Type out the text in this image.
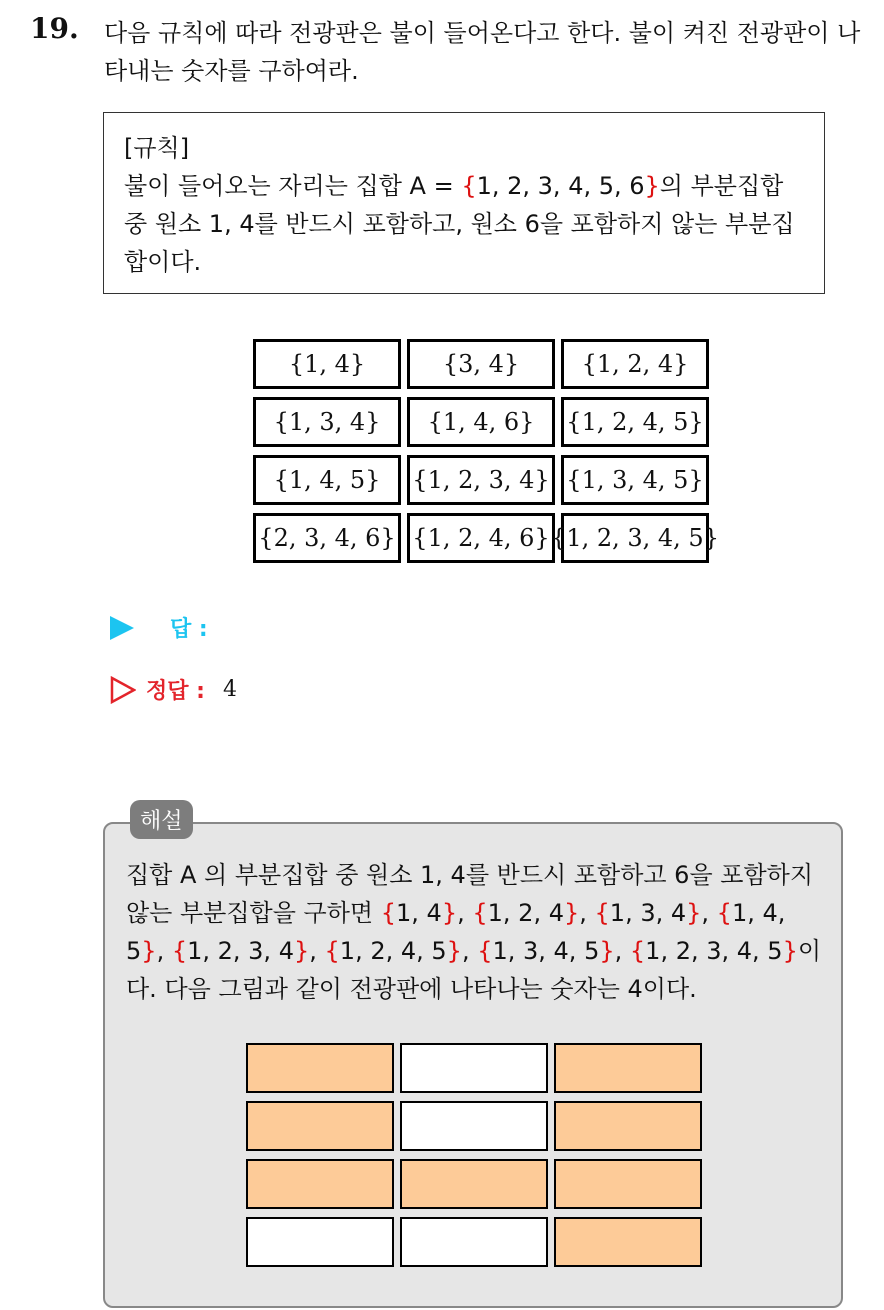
19. 다음 규칙에 따라 전광판은 불이 들어온다고 한다. 불이 켜진 전광판이 나타내는 숫자를 구하여라.
[규칙]
불이 들어오는 자리는 집합 A = {1, 2, 3, 4, 5, 6}의 부분집합 중 원소 1, 4를 반드시 포함하고, 원소 6을 포함하지 않는 부분집합이다.
{1, 4}	{3, 4}	{1, 2, 4}
{1, 3, 4}	{1, 4, 6}	{1, 2, 4, 5}
{1, 4, 5}	{1, 2, 3, 4} {1, 3, 4, 5}
{2, 3, 4, 6} {1, 2, 4, 6} {1, 2, 3, 4, 5}
답 :
정답 : 4
해설
집합 A 의 부분집합 중 원소 1, 4를 반드시 포함하고 6을 포함하지 않는 부분집합을 구하면 {1, 4}, {1, 2, 4}, {1, 3, 4}, {1, 4, 5}, {1, 2, 3, 4}, {1, 2, 4, 5}, {1, 3, 4, 5}, {1, 2, 3, 4, 5}이다. 다음 그림과 같이 전광판에 나타나는 숫자는 4이다.
